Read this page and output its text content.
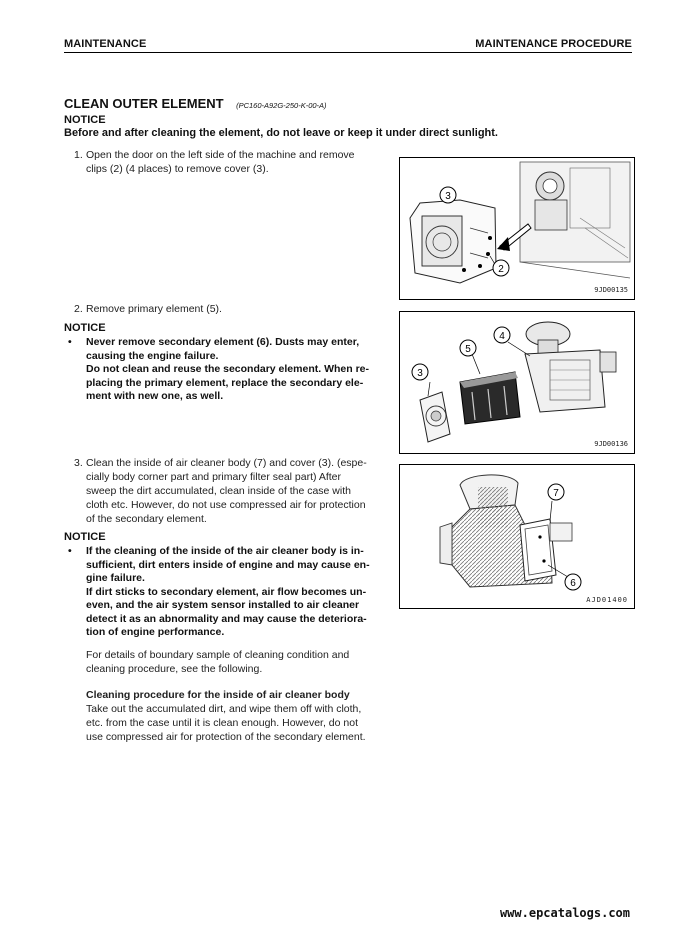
MAINTENANCE	MAINTENANCE PROCEDURE
CLEAN OUTER ELEMENT (PC160-A92G-250-K-00-A)
NOTICE
Before and after cleaning the element, do not leave or keep it under direct sunlight.
1. Open the door on the left side of the machine and remove
clips (2) (4 places) to remove cover (3).
3
2
9JD00135
2. Remove primary element (5).
NOTICE
• Never remove secondary element (6). Dusts may enter,

causing the engine failure.

Do not clean and reuse the secondary element. When re-

placing the primary element, replace the secondary ele-

ment with new one, as well.

3
5
4
9JD00136
3. Clean the inside of air cleaner body (7) and cover (3). (espe-
cially body corner part and primary filter seal part) After
sweep the dirt accumulated, clean inside of the case with
cloth etc. However, do not use compressed air for protection
of the secondary element.
7
6
AJD01400
NOTICE
• If the cleaning of the inside of the air cleaner body is in-

sufficient, dirt enters inside of engine and may cause en-

gine failure.

If dirt sticks to secondary element, air flow becomes un-

even, and the air system sensor installed to air cleaner

detect it as an abnormality and may cause the deteriora-

tion of engine performance.

For details of boundary sample of cleaning condition and
cleaning procedure, see the following.
Cleaning procedure for the inside of air cleaner body
Take out the accumulated dirt, and wipe them off with cloth,
etc. from the case until it is clean enough. However, do not
use compressed air for protection of the secondary element.
www.epcatalogs.com
